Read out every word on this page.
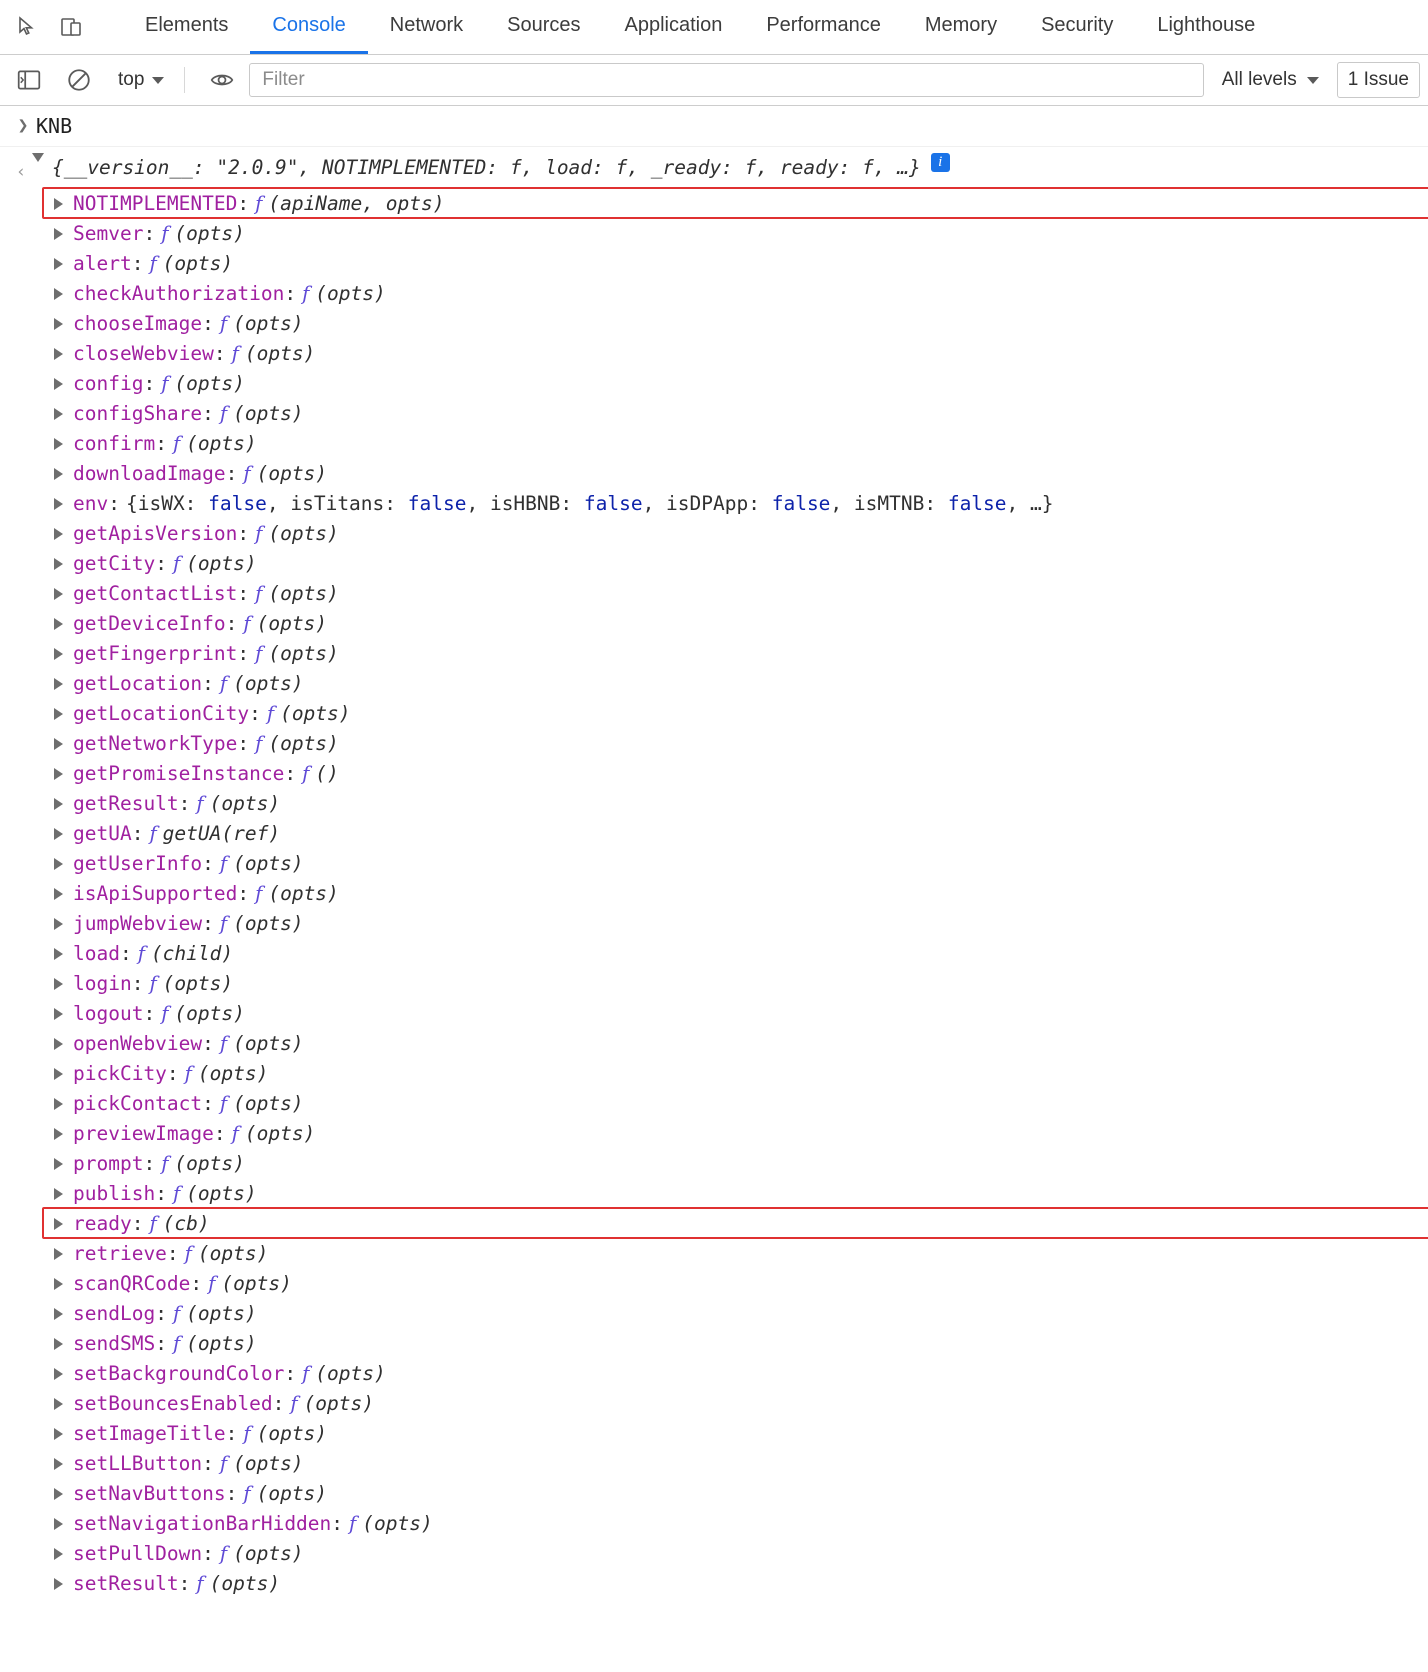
Elements	Console	Network	Sources	Application	Performance	Memory	Security	Lighthouse
top
Filter	All levels	1 Issue
❯ KNB
‹	{__version__: "2.0.9", NOTIMPLEMENTED: f, load: f, _ready: f, ready: f, …}	i
NOTIMPLEMENTED : f (apiName, opts)
Semver : f (opts)
alert : f (opts)
checkAuthorization : f (opts)
chooseImage : f (opts)
closeWebview : f (opts)
config : f (opts)
configShare : f (opts)
confirm : f (opts)
downloadImage : f (opts)
env : {isWX: false, isTitans: false, isHBNB: false, isDPApp: false, isMTNB: false, …}
getApisVersion : f (opts)
getCity : f (opts)
getContactList : f (opts)
getDeviceInfo : f (opts)
getFingerprint : f (opts)
getLocation : f (opts)
getLocationCity : f (opts)
getNetworkType : f (opts)
getPromiseInstance : f ()
getResult : f (opts)
getUA : f getUA(ref)
getUserInfo : f (opts)
isApiSupported : f (opts)
jumpWebview : f (opts)
load : f (child)
login : f (opts)
logout : f (opts)
openWebview : f (opts)
pickCity : f (opts)
pickContact : f (opts)
previewImage : f (opts)
prompt : f (opts)
publish : f (opts)
ready : f (cb)
retrieve : f (opts)
scanQRCode : f (opts)
sendLog : f (opts)
sendSMS : f (opts)
setBackgroundColor : f (opts)
setBouncesEnabled : f (opts)
setImageTitle : f (opts)
setLLButton : f (opts)
setNavButtons : f (opts)
setNavigationBarHidden : f (opts)
setPullDown : f (opts)
setResult : f (opts)
